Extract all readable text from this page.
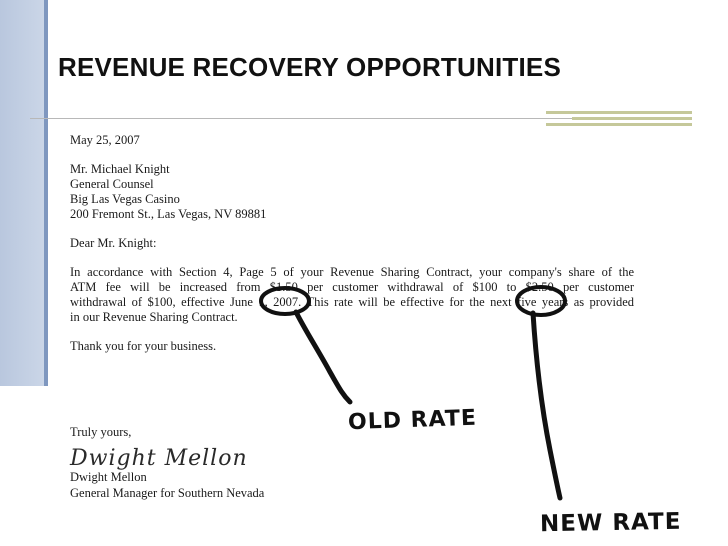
REVENUE RECOVERY OPPORTUNITIES
May 25, 2007
Mr. Michael Knight
General Counsel
Big Las Vegas Casino
200 Fremont St., Las Vegas, NV 89881
Dear Mr. Knight:
In accordance with Section 4, Page 5 of your Revenue Sharing Contract, your company's share of the
ATM fee will be increased from $1.50 per customer withdrawal of $100 to $2.50 per customer
withdrawal of $100, effective June 1, 2007. This rate will be effective for the next five years as provided
in our Revenue Sharing Contract.
Thank you for your business.
Truly yours,
Dwight Mellon
Dwight Mellon
General Manager for Southern Nevada
OLD RATE
NEW RATE
